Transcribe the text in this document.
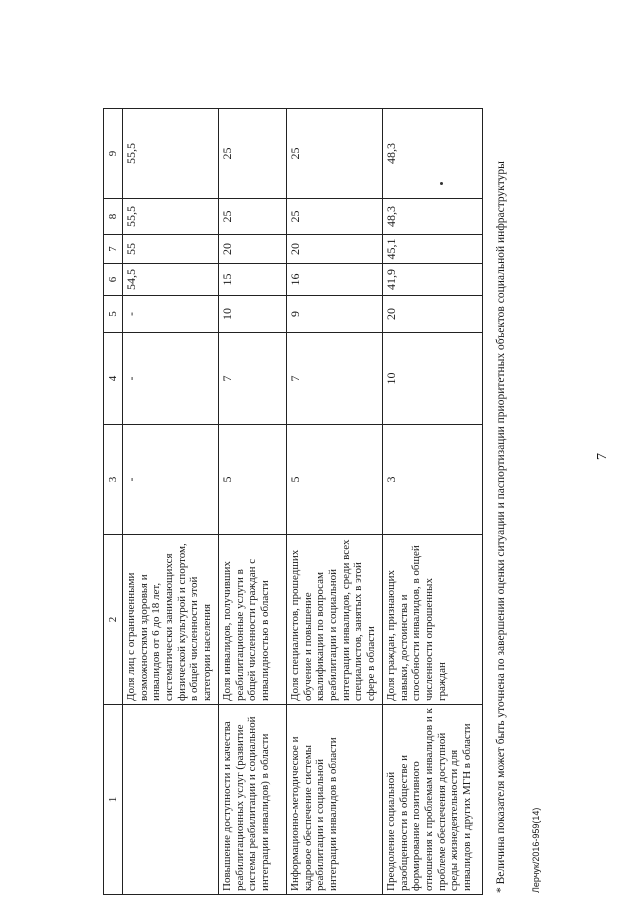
7
1	2	3	4	5	6	7	8	9
	Доля лиц с ограниченными возможностями здоровья и инвалидов от 6 до 18 лет, систематически занимающихся физической культурой и спортом, в общей численности этой категории населения	-	-	-	54,5	55	55,5	55,5
Повышение доступности и качества реабилитационных услуг (развитие системы реабилитации и социальной интеграции инвалидов) в области	Доля инвалидов, получивших реабилитационные услуги в общей численности граждан с инвалидностью в области	5	7	10	15	20	25	25
Информационно-методическое и кадровое обеспечение системы реабилитации и социальной интеграции инвалидов в области	Доля специалистов, прошедших обучение и повышение квалификации по вопросам реабилитации и социальной интеграции инвалидов, среди всех специалистов, занятых в этой сфере в области	5	7	9	16	20	25	25
Преодоление социальной разобщенности в обществе и формирование позитивного отношения к проблемам инвалидов и к проблеме обеспечения доступной среды жизнедеятельности для инвалидов и других МГН в области	Доля граждан, признающих навыки, достоинства и способности инвалидов, в общей численности опрошенных граждан	3	10	20	41,9	45,1	48,3	48,3
* Величина показателя может быть уточнена по завершении оценки ситуации и паспортизации приоритетных объектов социальной инфраструктуры	Лерчук/2016-959(14)
